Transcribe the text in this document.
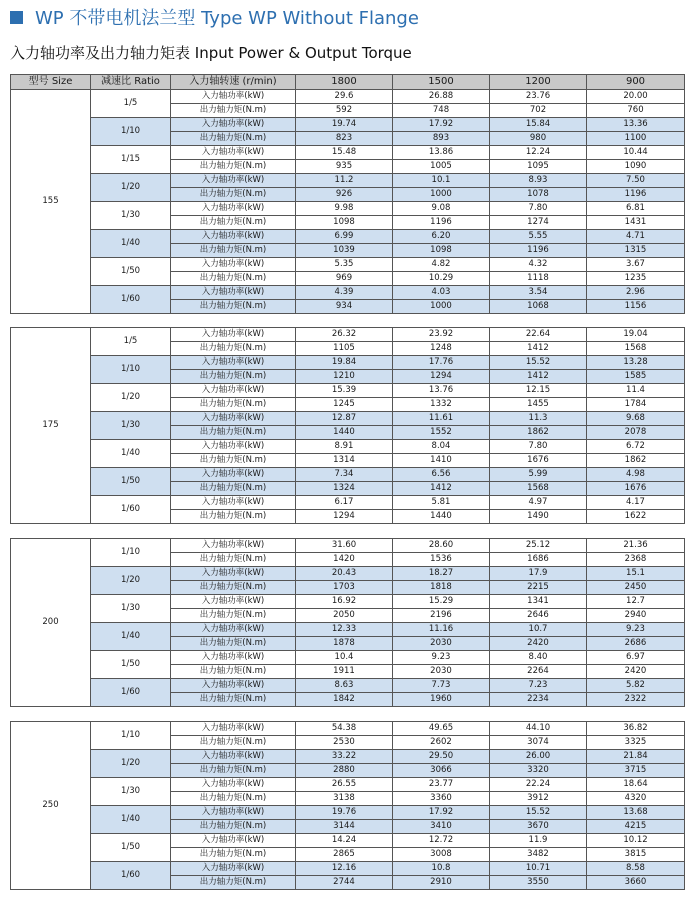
WP 不带电机法兰型 Type WP Without Flange
入力轴功率及出力轴力矩表 Input Power & Output Torque
型号 Size	减速比 Ratio	入力轴转速 (r/min)	1800	1500	1200	900
155	1/5	入力轴功率(kW)	29.6	26.88	23.76	20.00
		出力轴力矩(N.m)	592	748	702	760
	1/10	入力轴功率(kW)	19.74	17.92	15.84	13.36
		出力轴力矩(N.m)	823	893	980	1100
	1/15	入力轴功率(kW)	15.48	13.86	12.24	10.44
		出力轴力矩(N.m)	935	1005	1095	1090
	1/20	入力轴功率(kW)	11.2	10.1	8.93	7.50
		出力轴力矩(N.m)	926	1000	1078	1196
	1/30	入力轴功率(kW)	9.98	9.08	7.80	6.81
		出力轴力矩(N.m)	1098	1196	1274	1431
	1/40	入力轴功率(kW)	6.99	6.20	5.55	4.71
		出力轴力矩(N.m)	1039	1098	1196	1315
	1/50	入力轴功率(kW)	5.35	4.82	4.32	3.67
		出力轴力矩(N.m)	969	10.29	1118	1235
	1/60	入力轴功率(kW)	4.39	4.03	3.54	2.96
		出力轴力矩(N.m)	934	1000	1068	1156
175	1/5	入力轴功率(kW)	26.32	23.92	22.64	19.04
		出力轴力矩(N.m)	1105	1248	1412	1568
	1/10	入力轴功率(kW)	19.84	17.76	15.52	13.28
		出力轴力矩(N.m)	1210	1294	1412	1585
	1/20	入力轴功率(kW)	15.39	13.76	12.15	11.4
		出力轴力矩(N.m)	1245	1332	1455	1784
	1/30	入力轴功率(kW)	12.87	11.61	11.3	9.68
		出力轴力矩(N.m)	1440	1552	1862	2078
	1/40	入力轴功率(kW)	8.91	8.04	7.80	6.72
		出力轴力矩(N.m)	1314	1410	1676	1862
	1/50	入力轴功率(kW)	7.34	6.56	5.99	4.98
		出力轴力矩(N.m)	1324	1412	1568	1676
	1/60	入力轴功率(kW)	6.17	5.81	4.97	4.17
		出力轴力矩(N.m)	1294	1440	1490	1622
200	1/10	入力轴功率(kW)	31.60	28.60	25.12	21.36
		出力轴力矩(N.m)	1420	1536	1686	2368
	1/20	入力轴功率(kW)	20.43	18.27	17.9	15.1
		出力轴力矩(N.m)	1703	1818	2215	2450
	1/30	入力轴功率(kW)	16.92	15.29	1341	12.7
		出力轴力矩(N.m)	2050	2196	2646	2940
	1/40	入力轴功率(kW)	12.33	11.16	10.7	9.23
		出力轴力矩(N.m)	1878	2030	2420	2686
	1/50	入力轴功率(kW)	10.4	9.23	8.40	6.97
		出力轴力矩(N.m)	1911	2030	2264	2420
	1/60	入力轴功率(kW)	8.63	7.73	7.23	5.82
		出力轴力矩(N.m)	1842	1960	2234	2322
250	1/10	入力轴功率(kW)	54.38	49.65	44.10	36.82
		出力轴力矩(N.m)	2530	2602	3074	3325
	1/20	入力轴功率(kW)	33.22	29.50	26.00	21.84
		出力轴力矩(N.m)	2880	3066	3320	3715
	1/30	入力轴功率(kW)	26.55	23.77	22.24	18.64
		出力轴力矩(N.m)	3138	3360	3912	4320
	1/40	入力轴功率(kW)	19.76	17.92	15.52	13.68
		出力轴力矩(N.m)	3144	3410	3670	4215
	1/50	入力轴功率(kW)	14.24	12.72	11.9	10.12
		出力轴力矩(N.m)	2865	3008	3482	3815
	1/60	入力轴功率(kW)	12.16	10.8	10.71	8.58
		出力轴力矩(N.m)	2744	2910	3550	3660
